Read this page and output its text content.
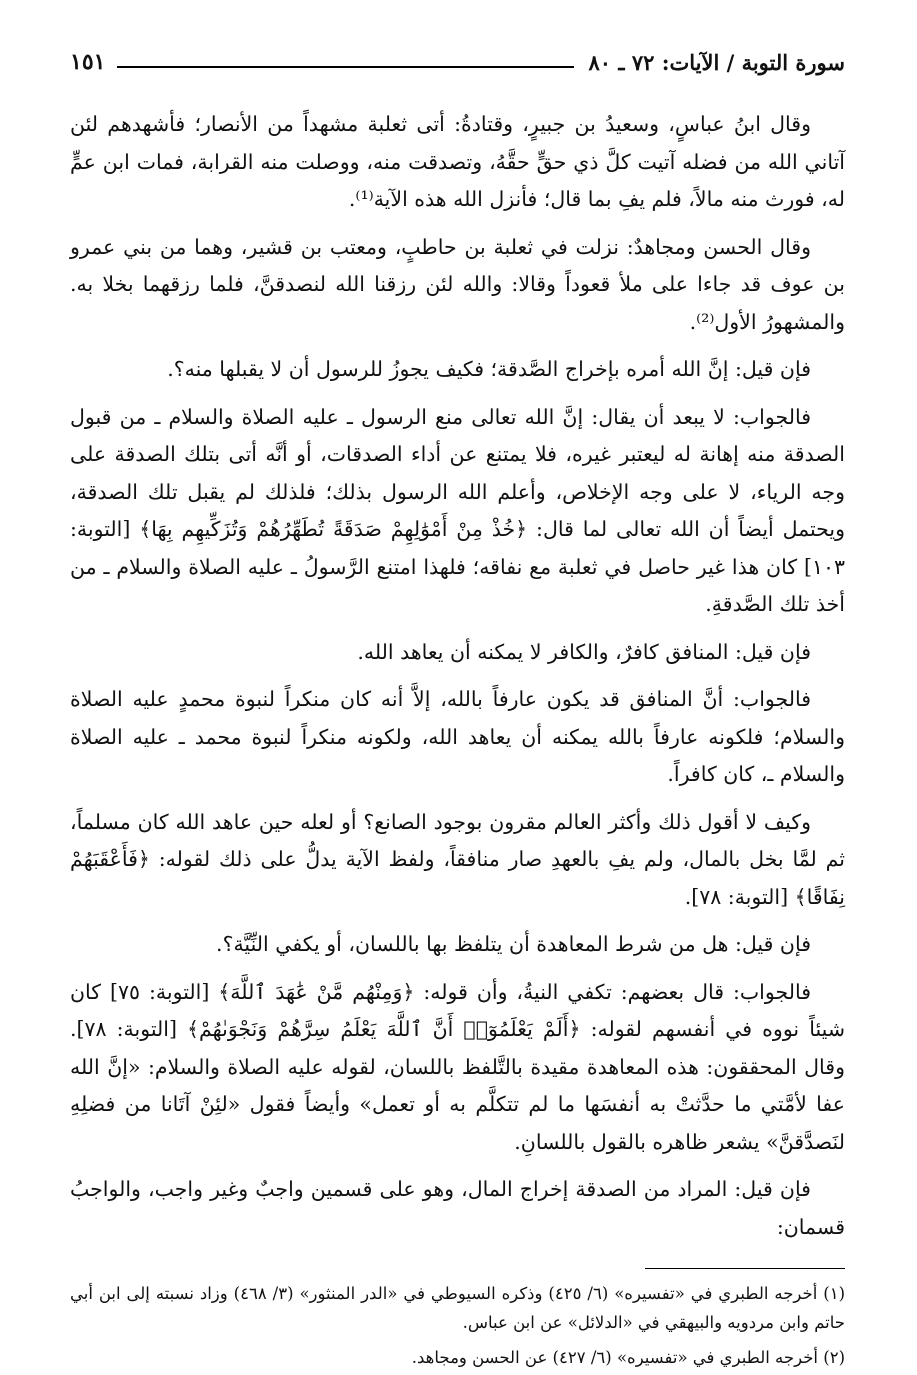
سورة التوبة / الآيات: ٧٢ ـ ٨٠
١٥١

وقال ابنُ عباسٍ، وسعيدُ بن جبيرٍ، وقتادةُ: أتى ثعلبة مشهداً من الأنصار؛ فأشهدهم لئن آتاني الله من فضله آتيت كلَّ ذي حقٍّ حقَّهُ، وتصدقت منه، ووصلت منه القرابة، فمات ابن عمٍّ له، فورث منه مالاً، فلم يفِ بما قال؛ فأنزل الله هذه الآية⁽¹⁾.

وقال الحسن ومجاهدٌ: نزلت في ثعلبة بن حاطبٍ، ومعتب بن قشير، وهما من بني عمرو بن عوف قد جاءا على ملأ قعوداً وقالا: والله لئن رزقنا الله لنصدقنَّ، فلما رزقهما بخلا به. والمشهورُ الأول⁽²⁾.

فإن قيل: إنَّ الله أمره بإخراج الصَّدقة؛ فكيف يجوزُ للرسول أن لا يقبلها منه؟.

فالجواب: لا يبعد أن يقال: إنَّ الله تعالى منع الرسول ـ عليه الصلاة والسلام ـ من قبول الصدقة منه إهانة له ليعتبر غيره، فلا يمتنع عن أداء الصدقات، أو أنَّه أتى بتلك الصدقة على وجه الرياء، لا على وجه الإخلاص، وأعلم الله الرسول بذلك؛ فلذلك لم يقبل تلك الصدقة، ويحتمل أيضاً أن الله تعالى لما قال: ﴿خُذْ مِنْ أَمْوَٰلِهِمْ صَدَقَةً تُطَهِّرُهُمْ وَتُزَكِّيهِم بِهَا﴾ [التوبة: ١٠٣] كان هذا غير حاصل في ثعلبة مع نفاقه؛ فلهذا امتنع الرَّسولُ ـ عليه الصلاة والسلام ـ من أخذ تلك الصَّدقةِ.

فإن قيل: المنافق كافرٌ، والكافر لا يمكنه أن يعاهد الله.

فالجواب: أنَّ المنافق قد يكون عارفاً بالله، إلاَّ أنه كان منكراً لنبوة محمدٍ عليه الصلاة والسلام؛ فلكونه عارفاً بالله يمكنه أن يعاهد الله، ولكونه منكراً لنبوة محمد ـ عليه الصلاة والسلام ـ، كان كافراً.

وكيف لا أقول ذلك وأكثر العالم مقرون بوجود الصانع؟ أو لعله حين عاهد الله كان مسلماً، ثم لمَّا بخل بالمال، ولم يفِ بالعهدِ صار منافقاً، ولفظ الآية يدلُّ على ذلك لقوله: ﴿فَأَعْقَبَهُمْ نِفَاقًا﴾ [التوبة: ٧٨].

فإن قيل: هل من شرط المعاهدة أن يتلفظ بها باللسان، أو يكفي النِّيَّة؟.

فالجواب: قال بعضهم: تكفي النيةُ، وأن قوله: ﴿وَمِنْهُم مَّنْ عَٰهَدَ ٱللَّهَ﴾ [التوبة: ٧٥] كان شيئاً نووه في أنفسهم لقوله: ﴿أَلَمْ يَعْلَمُوٓا۟ أَنَّ ٱللَّهَ يَعْلَمُ سِرَّهُمْ وَنَجْوَىٰهُمْ﴾ [التوبة: ٧٨]. وقال المحققون: هذه المعاهدة مقيدة بالتَّلفظ باللسان، لقوله عليه الصلاة والسلام: «إنَّ الله عفا لأمَّتي ما حدَّثتْ به أنفسَها ما لم تتكلَّم به أو تعمل» وأيضاً فقول «لئِنْ آتَانا من فضلِهِ لنَصدَّقنَّ» يشعر ظاهره بالقول باللسانِ.

فإن قيل: المراد من الصدقة إخراج المال، وهو على قسمين واجبٌ وغير واجب، والواجبُ قسمان:

(١) أخرجه الطبري في «تفسيره» (٦/ ٤٢٥) وذكره السيوطي في «الدر المنثور» (٣/ ٤٦٨) وزاد نسبته إلى ابن أبي حاتم وابن مردويه والبيهقي في «الدلائل» عن ابن عباس.

(٢) أخرجه الطبري في «تفسيره» (٦/ ٤٢٧) عن الحسن ومجاهد.
